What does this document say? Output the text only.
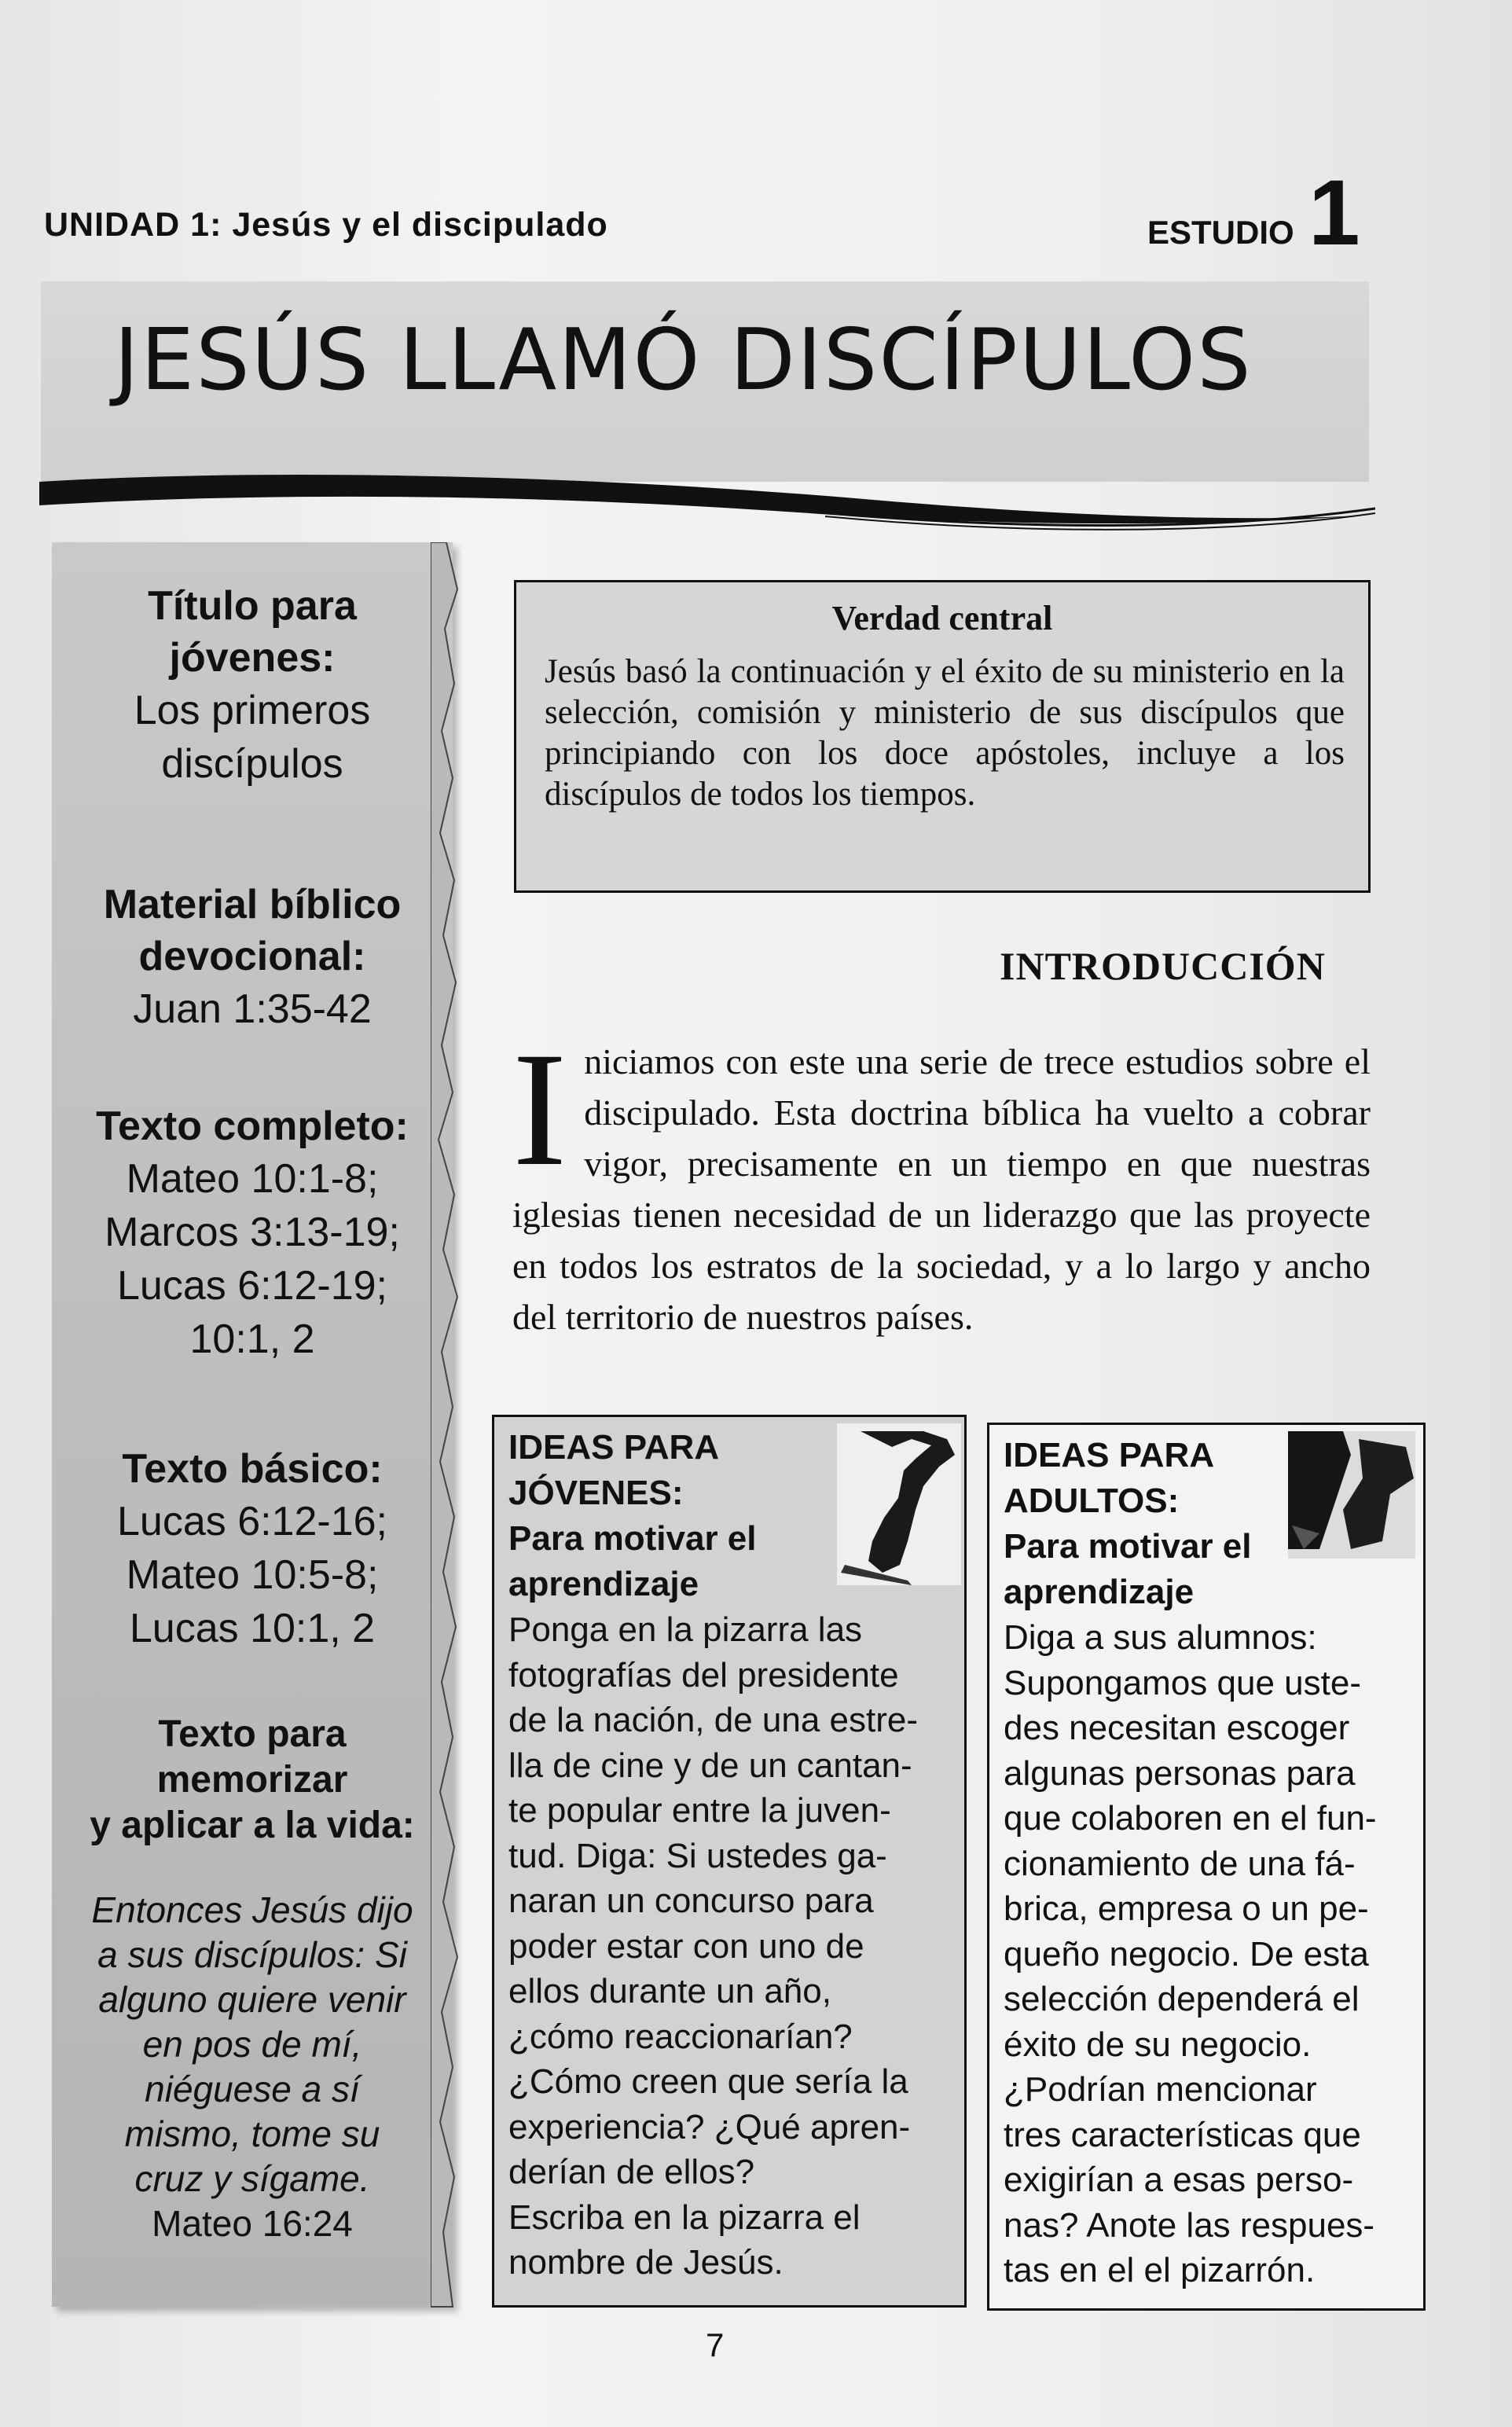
UNIDAD 1: Jesús y el discipulado	ESTUDIO 1
JESÚS LLAMÓ DISCÍPULOS
Título para
jóvenes:
Los primeros
discípulos
Material bíblico
devocional:
Juan 1:35-42
Texto completo:
Mateo 10:1-8;
Marcos 3:13-19;
Lucas 6:12-19;
10:1, 2
Texto básico:
Lucas 6:12-16;
Mateo 10:5-8;
Lucas 10:1, 2
Texto para
memorizar
y aplicar a la vida:
Entonces Jesús dijo
a sus discípulos: Si
alguno quiere venir
en pos de mí,
niéguese a sí
mismo, tome su
cruz y sígame.
Mateo 16:24
Verdad central
Jesús basó la continuación y el éxito de su ministerio en la selección, comisión y ministerio de sus discípulos que principiando con los doce apóstoles, incluye a los discípulos de todos los tiempos.
INTRODUCCIÓN
I niciamos con este una serie de trece estudios sobre el discipulado. Esta doctrina bíblica ha vuelto a cobrar vigor, precisamente en un tiempo en que nuestras iglesias tienen necesidad de un liderazgo que las proyecte en todos los estratos de la sociedad, y a lo largo y ancho del territorio de nuestros países.
IDEAS PARA
JÓVENES:
Para motivar el
aprendizaje
Ponga en la pizarra las
fotografías del presidente
de la nación, de una estre-
lla de cine y de un cantan-
te popular entre la juven-
tud. Diga: Si ustedes ga-
naran un concurso para
poder estar con uno de
ellos durante un año,
¿cómo reaccionarían?
¿Cómo creen que sería la
experiencia? ¿Qué apren-
derían de ellos?
Escriba en la pizarra el
nombre de Jesús.
IDEAS PARA
ADULTOS:
Para motivar el
aprendizaje
Diga a sus alumnos:
Supongamos que uste-
des necesitan escoger
algunas personas para
que colaboren en el fun-
cionamiento de una fá-
brica, empresa o un pe-
queño negocio. De esta
selección dependerá el
éxito de su negocio.
¿Podrían mencionar
tres características que
exigirían a esas perso-
nas? Anote las respues-
tas en el el pizarrón.
7
